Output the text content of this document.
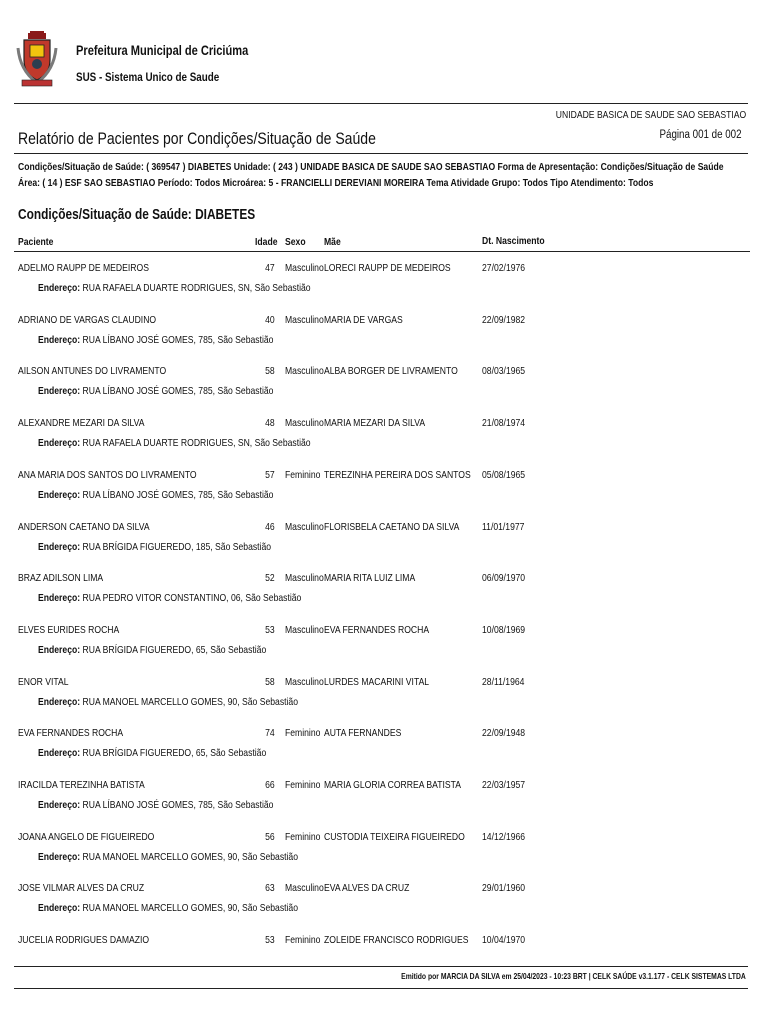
Prefeitura Municipal de Criciúma
SUS - Sistema Unico de Saude
UNIDADE BASICA DE SAUDE SAO SEBASTIAO
Relatório de Pacientes por Condições/Situação de Saúde	Página 001 de 002
Condições/Situação de Saúde: ( 369547 ) DIABETES Unidade: ( 243 ) UNIDADE BASICA DE SAUDE SAO SEBASTIAO Forma de Apresentação: Condições/Situação de Saúde
Área: ( 14 ) ESF SAO SEBASTIAO Período: Todos Microárea: 5 - FRANCIELLI DEREVIANI MOREIRA Tema Atividade Grupo: Todos Tipo Atendimento: Todos
Condições/Situação de Saúde: DIABETES
Paciente	Idade Sexo Mãe	Dt. Nascimento
ADELMO RAUPP DE MEDEIROS	47 Masculino LORECI RAUPP DE MEDEIROS	27/02/1976
Endereço: RUA RAFAELA DUARTE RODRIGUES, SN, São Sebastião
ADRIANO DE VARGAS CLAUDINO	40 Masculino MARIA DE VARGAS	22/09/1982
Endereço: RUA LÍBANO JOSÉ GOMES, 785, São Sebastião
AILSON ANTUNES DO LIVRAMENTO	58 Masculino ALBA BORGER DE LIVRAMENTO 08/03/1965
Endereço: RUA LÍBANO JOSÉ GOMES, 785, São Sebastião
ALEXANDRE MEZARI DA SILVA	48 Masculino MARIA MEZARI DA SILVA	21/08/1974
Endereço: RUA RAFAELA DUARTE RODRIGUES, SN, São Sebastião
ANA MARIA DOS SANTOS DO LIVRAMENTO	57 Feminino TEREZINHA PEREIRA DOS SANTOS 05/08/1965
Endereço: RUA LÍBANO JOSÉ GOMES, 785, São Sebastião
ANDERSON CAETANO DA SILVA	46 Masculino FLORISBELA CAETANO DA SILVA 11/01/1977
Endereço: RUA BRÍGIDA FIGUEREDO, 185, São Sebastião
BRAZ ADILSON LIMA	52 Masculino MARIA RITA LUIZ LIMA	06/09/1970
Endereço: RUA PEDRO VITOR CONSTANTINO, 06, São Sebastião
ELVES EURIDES ROCHA	53 Masculino EVA FERNANDES ROCHA	10/08/1969
Endereço: RUA BRÍGIDA FIGUEREDO, 65, São Sebastião
ENOR VITAL	58 Masculino LURDES MACARINI VITAL	28/11/1964
Endereço: RUA MANOEL MARCELLO GOMES, 90, São Sebastião
EVA FERNANDES ROCHA	74 Feminino AUTA FERNANDES	22/09/1948
Endereço: RUA BRÍGIDA FIGUEREDO, 65, São Sebastião
IRACILDA TEREZINHA BATISTA	66 Feminino MARIA GLORIA CORREA BATISTA 22/03/1957
Endereço: RUA LÍBANO JOSÉ GOMES, 785, São Sebastião
JOANA ANGELO DE FIGUEIREDO	56 Feminino CUSTODIA TEIXEIRA FIGUEIREDO 14/12/1966
Endereço: RUA MANOEL MARCELLO GOMES, 90, São Sebastião
JOSE VILMAR ALVES DA CRUZ	63 Masculino EVA ALVES DA CRUZ	29/01/1960
Endereço: RUA MANOEL MARCELLO GOMES, 90, São Sebastião
JUCELIA RODRIGUES DAMAZIO	53 Feminino ZOLEIDE FRANCISCO RODRIGUES 10/04/1970
Emitido por MARCIA DA SILVA em 25/04/2023 - 10:23 BRT | CELK SAÚDE v3.1.177 - CELK SISTEMAS LTDA
